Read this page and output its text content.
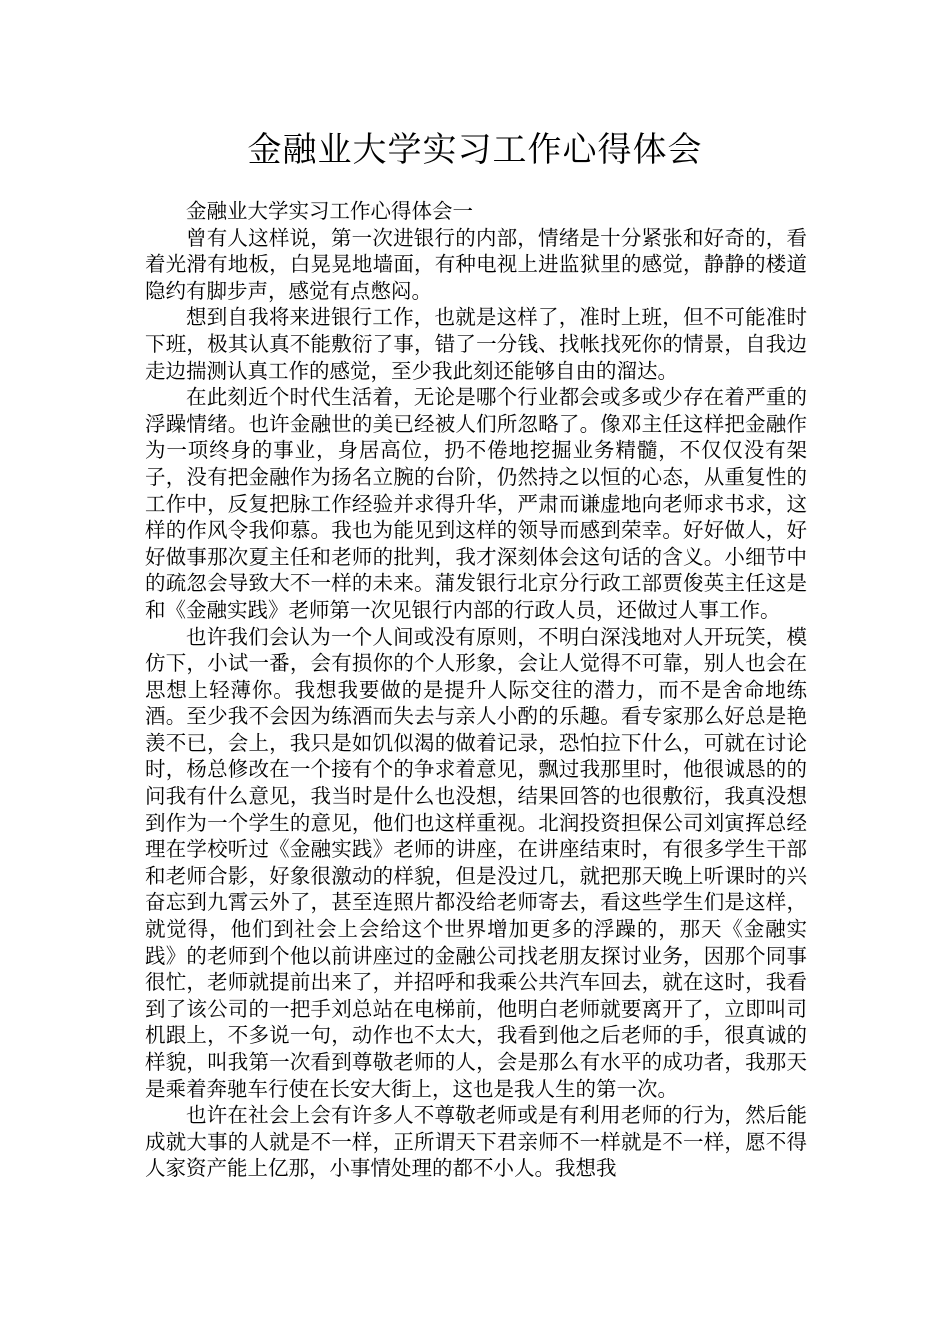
金融业大学实习工作心得体会

金融业大学实习工作心得体会一

曾有人这样说，第一次进银行的内部，情绪是十分紧张和好奇的，看着光滑有地板，白晃晃地墙面，有种电视上进监狱里的感觉，静静的楼道隐约有脚步声，感觉有点憋闷。

想到自我将来进银行工作，也就是这样了，准时上班，但不可能准时下班，极其认真不能敷衍了事，错了一分钱、找帐找死你的情景，自我边走边揣测认真工作的感觉，至少我此刻还能够自由的溜达。

在此刻近个时代生活着，无论是哪个行业都会或多或少存在着严重的浮躁情绪。也许金融世的美已经被人们所忽略了。像邓主任这样把金融作为一项终身的事业，身居高位，扔不倦地挖掘业务精髓，不仅仅没有架子，没有把金融作为扬名立腕的台阶，仍然持之以恒的心态，从重复性的工作中，反复把脉工作经验并求得升华，严肃而谦虚地向老师求书求，这样的作风令我仰慕。我也为能见到这样的领导而感到荣幸。好好做人，好好做事那次夏主任和老师的批判，我才深刻体会这句话的含义。小细节中的疏忽会导致大不一样的未来。蒲发银行北京分行政工部贾俊英主任这是和《金融实践》老师第一次见银行内部的行政人员，还做过人事工作。

也许我们会认为一个人间或没有原则，不明白深浅地对人开玩笑，模仿下，小试一番，会有损你的个人形象，会让人觉得不可靠，别人也会在思想上轻薄你。我想我要做的是提升人际交往的潜力，而不是舍命地练酒。至少我不会因为练酒而失去与亲人小酌的乐趣。看专家那么好总是艳羡不已，会上，我只是如饥似渴的做着记录，恐怕拉下什么，可就在讨论时，杨总修改在一个接有个的争求着意见，飘过我那里时，他很诚恳的的问我有什么意见，我当时是什么也没想，结果回答的也很敷衍，我真没想到作为一个学生的意见，他们也这样重视。北润投资担保公司刘寅挥总经理在学校听过《金融实践》老师的讲座，在讲座结束时，有很多学生干部和老师合影，好象很激动的样貌，但是没过几，就把那天晚上听课时的兴奋忘到九霄云外了，甚至连照片都没给老师寄去，看这些学生们是这样，就觉得，他们到社会上会给这个世界增加更多的浮躁的，那天《金融实践》的老师到个他以前讲座过的金融公司找老朋友探讨业务，因那个同事很忙，老师就提前出来了，并招呼和我乘公共汽车回去，就在这时，我看到了该公司的一把手刘总站在电梯前，他明白老师就要离开了，立即叫司机跟上，不多说一句，动作也不太大，我看到他之后老师的手，很真诚的样貌，叫我第一次看到尊敬老师的人，会是那么有水平的成功者，我那天是乘着奔驰车行使在长安大街上，这也是我人生的第一次。

也许在社会上会有许多人不尊敬老师或是有利用老师的行为，然后能成就大事的人就是不一样，正所谓天下君亲师不一样就是不一样，愿不得人家资产能上亿那，小事情处理的都不小人。我想我
